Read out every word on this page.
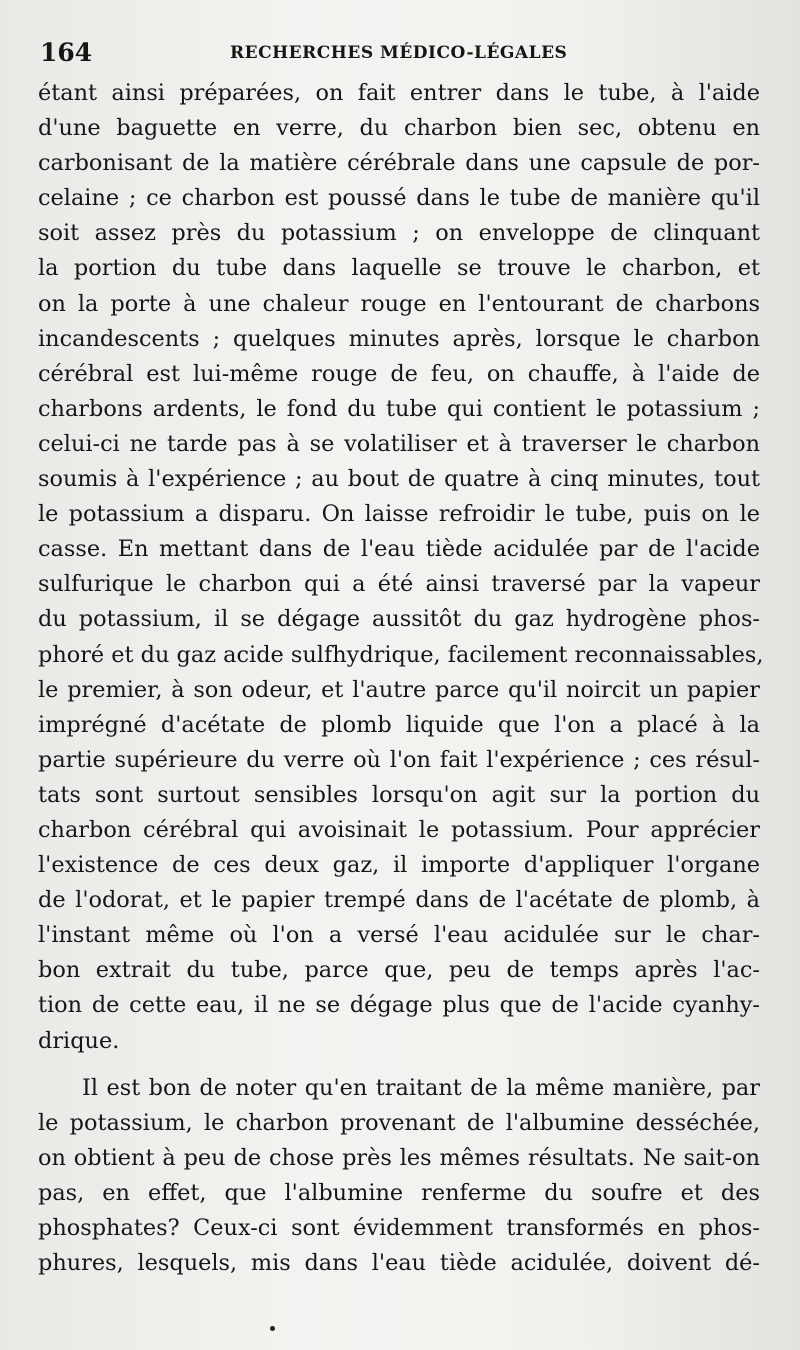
164	RECHERCHES MÉDICO-LÉGALES
étant ainsi préparées, on fait entrer dans le tube, à l'aide
d'une baguette en verre, du charbon bien sec, obtenu en
carbonisant de la matière cérébrale dans une capsule de por-
celaine ; ce charbon est poussé dans le tube de manière qu'il
soit assez près du potassium ; on enveloppe de clinquant
la portion du tube dans laquelle se trouve le charbon, et
on la porte à une chaleur rouge en l'entourant de charbons
incandescents ; quelques minutes après, lorsque le charbon
cérébral est lui-même rouge de feu, on chauffe, à l'aide de
charbons ardents, le fond du tube qui contient le potassium ;
celui-ci ne tarde pas à se volatiliser et à traverser le charbon
soumis à l'expérience ; au bout de quatre à cinq minutes, tout
le potassium a disparu. On laisse refroidir le tube, puis on le
casse. En mettant dans de l'eau tiède acidulée par de l'acide
sulfurique le charbon qui a été ainsi traversé par la vapeur
du potassium, il se dégage aussitôt du gaz hydrogène phos-
phoré et du gaz acide sulfhydrique, facilement reconnaissables,
le premier, à son odeur, et l'autre parce qu'il noircit un papier
imprégné d'acétate de plomb liquide que l'on a placé à la
partie supérieure du verre où l'on fait l'expérience ; ces résul-
tats sont surtout sensibles lorsqu'on agit sur la portion du
charbon cérébral qui avoisinait le potassium. Pour apprécier
l'existence de ces deux gaz, il importe d'appliquer l'organe
de l'odorat, et le papier trempé dans de l'acétate de plomb, à
l'instant même où l'on a versé l'eau acidulée sur le char-
bon extrait du tube, parce que, peu de temps après l'ac-
tion de cette eau, il ne se dégage plus que de l'acide cyanhy-
drique.
Il est bon de noter qu'en traitant de la même manière, par
le potassium, le charbon provenant de l'albumine desséchée,
on obtient à peu de chose près les mêmes résultats. Ne sait-on
pas, en effet, que l'albumine renferme du soufre et des
phosphates? Ceux-ci sont évidemment transformés en phos-
phures, lesquels, mis dans l'eau tiède acidulée, doivent dé-
